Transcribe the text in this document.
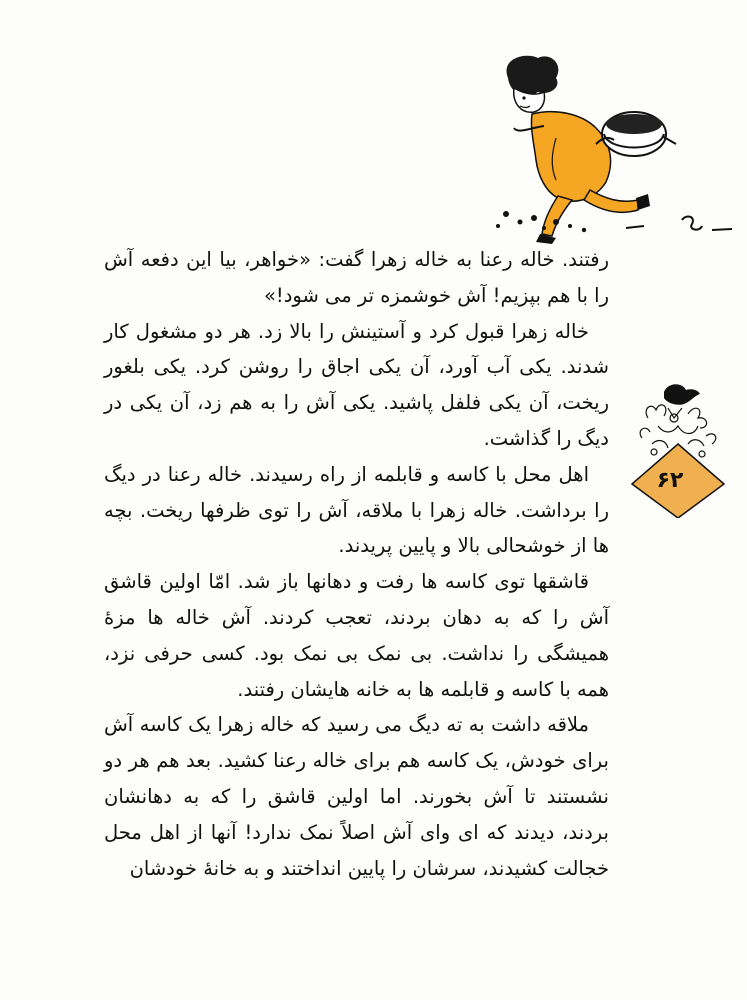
۶۲

رفتند. خاله رعنا به خاله زهرا گفت: «خواهر، بیا این دفعه آش را با هم بپزیم! آش خوشمزه تر می شود!»

خاله زهرا قبول کرد و آستینش را بالا زد. هر دو مشغول کار شدند. یکی آب آورد، آن یکی اجاق را روشن کرد. یکی بلغور ریخت، آن یکی فلفل پاشید. یکی آش را به هم زد، آن یکی در دیگ را گذاشت.

اهل محل با کاسه و قابلمه از راه رسیدند. خاله رعنا در دیگ را برداشت. خاله زهرا با ملاقه، آش را توی ظرفها ریخت. بچه ها از خوشحالی بالا و پایین پریدند.

قاشقها توی کاسه ها رفت و دهانها باز شد. امّا اولین قاشق آش را که به دهان بردند، تعجب کردند. آش خاله ها مزهٔ همیشگی را نداشت. بی نمک بی نمک بود. کسی حرفی نزد، همه با کاسه و قابلمه ها به خانه هایشان رفتند.

ملاقه داشت به ته دیگ می رسید که خاله زهرا یک کاسه آش برای خودش، یک کاسه هم برای خاله رعنا کشید. بعد هم هر دو نشستند تا آش بخورند. اما اولین قاشق را که به دهانشان بردند، دیدند که ای وای آش اصلاً نمک ندارد! آنها از اهل محل خجالت کشیدند، سرشان را پایین انداختند و به خانهٔ خودشان
